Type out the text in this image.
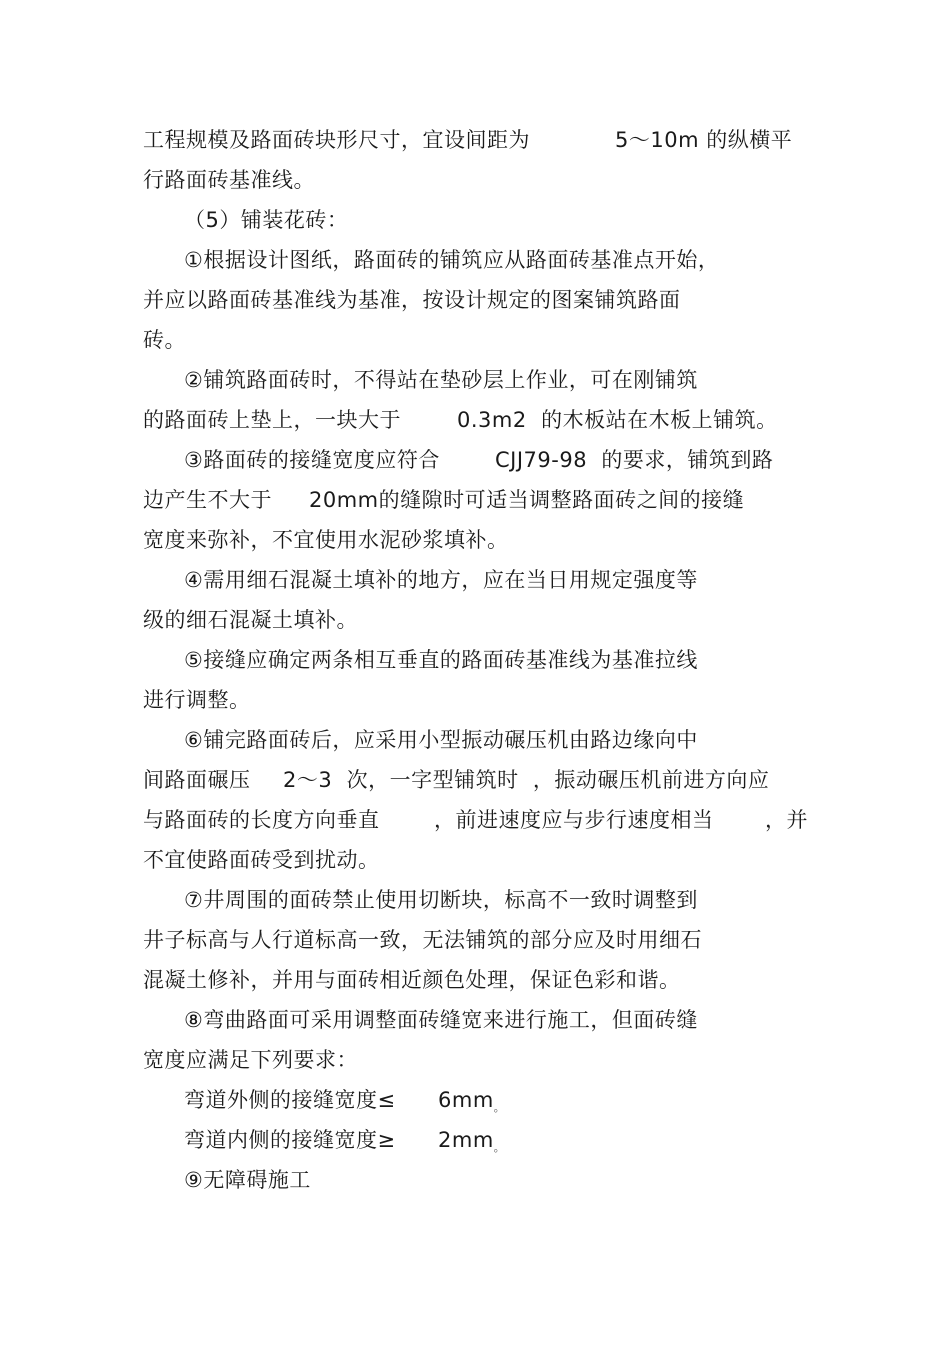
工程规模及路面砖块形尺寸，宜设间距为	5～10m 的纵横平
行路面砖基准线。
（5）铺装花砖：
①根据设计图纸，路面砖的铺筑应从路面砖基准点开始，
并应以路面砖基准线为基准，按设计规定的图案铺筑路面
砖。
②铺筑路面砖时，不得站在垫砂层上作业，可在刚铺筑
的路面砖上垫上，一块大于	0.3m2  的木板站在木板上铺筑。
③路面砖的接缝宽度应符合	CJJ79-98  的要求，铺筑到路
边产生不大于 20mm的缝隙时可适当调整路面砖之间的接缝
宽度来弥补，不宜使用水泥砂浆填补。
④需用细石混凝土填补的地方，应在当日用规定强度等
级的细石混凝土填补。
⑤接缝应确定两条相互垂直的路面砖基准线为基准拉线
进行调整。
⑥铺完路面砖后，应采用小型振动碾压机由路边缘向中
间路面碾压 2～3  次，一字型铺筑时  ，振动碾压机前进方向应
与路面砖的长度方向垂直	，前进速度应与步行速度相当 ，并
不宜使路面砖受到扰动。
⑦井周围的面砖禁止使用切断块，标高不一致时调整到
井子标高与人行道标高一致，无法铺筑的部分应及时用细石
混凝土修补，并用与面砖相近颜色处理，保证色彩和谐。
⑧弯曲路面可采用调整面砖缝宽来进行施工，但面砖缝
宽度应满足下列要求：
弯道外侧的接缝宽度≤ $6mm_。$
弯道内侧的接缝宽度≥ $2mm_。$
⑨无障碍施工
